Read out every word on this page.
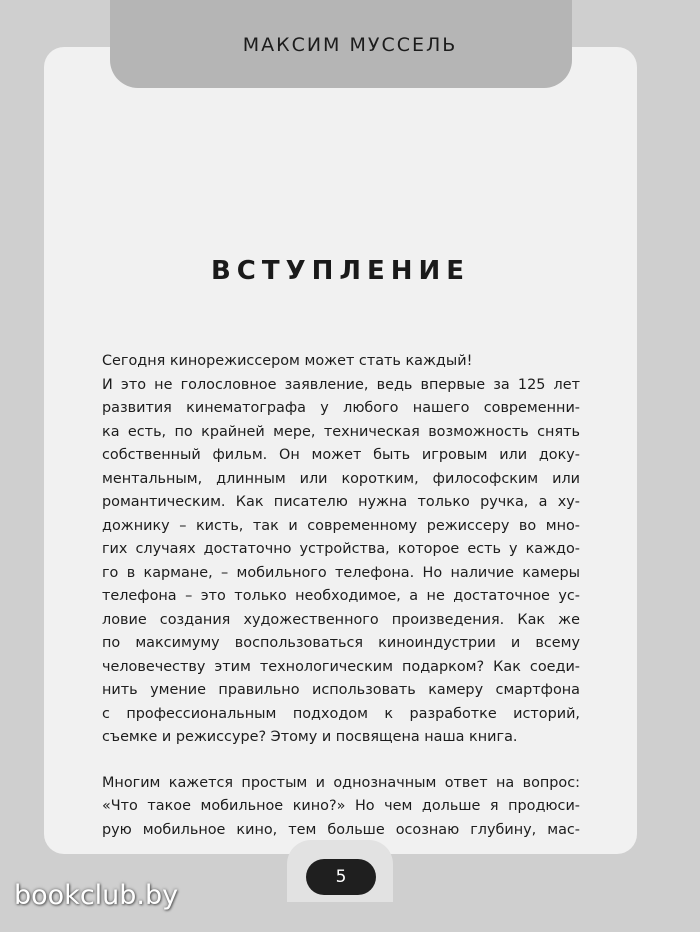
МАКСИМ МУССЕЛЬ
ВСТУПЛЕНИЕ
Сегодня кинорежиссером может стать каждый!
И это не голословное заявление, ведь впервые за 125 лет
развития кинематографа у любого нашего современни-
ка есть, по крайней мере, техническая возможность снять
собственный фильм. Он может быть игровым или доку-
ментальным, длинным или коротким, философским или
романтическим. Как писателю нужна только ручка, а ху-
дожнику – кисть, так и современному режиссеру во мно-
гих случаях достаточно устройства, которое есть у каждо-
го в кармане, – мобильного телефона. Но наличие камеры
телефона – это только необходимое, а не достаточное ус-
ловие создания художественного произведения. Как же
по максимуму воспользоваться киноиндустрии и всему
человечеству этим технологическим подарком? Как соеди-
нить умение правильно использовать камеру смартфона
с профессиональным подходом к разработке историй,
съемке и режиссуре? Этому и посвящена наша книга.
Многим кажется простым и однозначным ответ на вопрос:
«Что такое мобильное кино?» Но чем дольше я продюси-
рую мобильное кино, тем больше осознаю глубину, мас-
5
bookclub.by
